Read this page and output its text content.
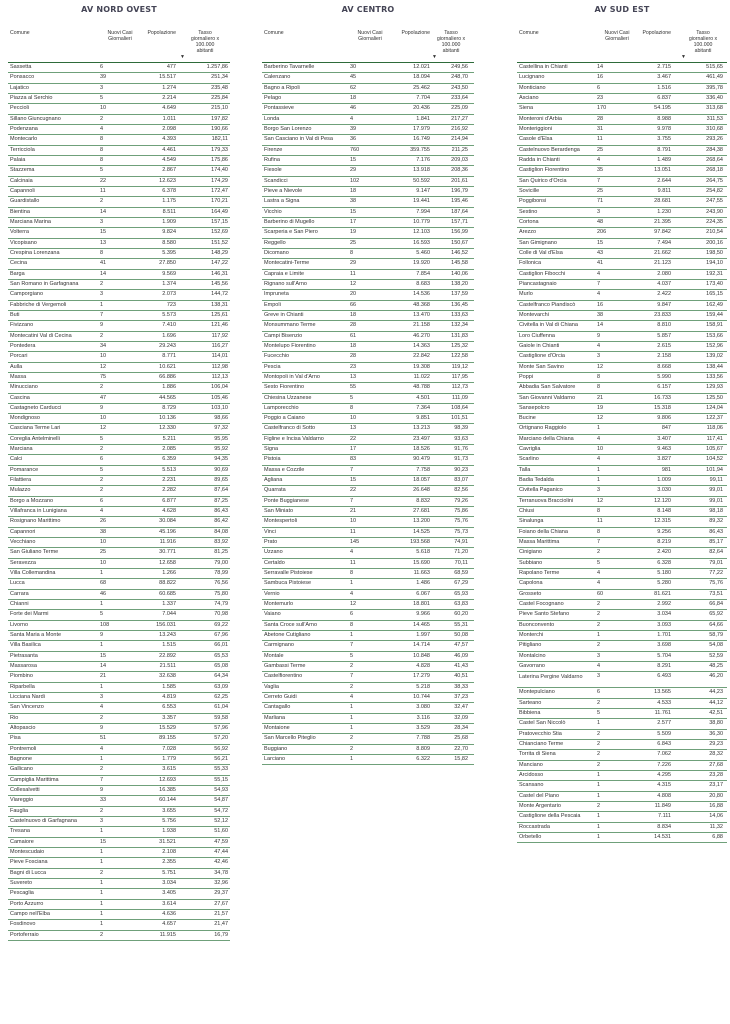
AV NORD OVEST
Comune	Nuovi Casi
Giornalieri
Popolazione	Tasso
giornaliero x
100.000
abitanti
▼
Sassetta	6	477	1.257,86
Ponsacco	39	15.517	251,34
Lajatico	3	1.274	235,48
Piazza al Serchio	5	2.214	225,84
Peccioli	10	4.649	215,10
Sillano Giuncugnano	2	1.011	197,82
Podenzana	4	2.098	190,66
Montecarlo	8	4.393	182,11
Terricciola	8	4.461	179,33
Palaia	8	4.549	175,86
Stazzema	5	2.867	174,40
Calcinaia	22	12.623	174,29
Capannoli	11	6.378	172,47
Guardistallo	2	1.175	170,21
Bientina	14	8.511	164,49
Marciana Marina	3	1.909	157,15
Volterra	15	9.824	152,69
Vicopisano	13	8.580	151,52
Crespina Lorenzana	8	5.395	148,29
Cecina	41	27.850	147,22
Barga	14	9.569	146,31
San Romano in Garfagnana	2	1.374	145,56
Camporgiano	3	2.073	144,72
Fabbriche di Vergemoli	1	723	138,31
Buti	7	5.573	125,61
Fivizzano	9	7.410	121,46
Montecatini Val di Cecina	2	1.696	117,92
Pontedera	34	29.243	116,27
Porcari	10	8.771	114,01
Aulla	12	10.621	112,98
Massa	75	66.886	112,13
Minucciano	2	1.886	106,04
Cascina	47	44.565	105,46
Castagneto Carducci	9	8.729	103,10
Mondignoso	10	10.136	98,66
Casciana Terme Lari	12	12.330	97,32
Coreglia Antelminelli	5	5.211	95,95
Marciana	2	2.085	95,92
Calci	6	6.359	94,35
Pomarance	5	5.513	90,69
Filattiera	2	2.231	89,65
Mulazzo	2	2.282	87,64
Borgo a Mozzano	6	6.877	87,25
Villafranca in Lunigiana	4	4.628	86,43
Rosignano Marittimo	26	30.084	86,42
Capannori	38	45.196	84,08
Vecchiano	10	11.916	83,92
San Giuliano Terme	25	30.771	81,25
Seravezza	10	12.658	79,00
Villa Collemandina	1	1.266	78,99
Lucca	68	88.822	76,56
Carrara	46	60.685	75,80
Chianni	1	1.337	74,79
Forte dei Marmi	5	7.044	70,98
Livorno	108	156.031	69,22
Santa Maria a Monte	9	13.243	67,96
Villa Basilica	1	1.515	66,01
Pietrasanta	15	22.892	65,53
Massarosa	14	21.511	65,08
Piombino	21	32.638	64,34
Riparbella	1	1.585	63,09
Licciana Nardi	3	4.819	62,25
San Vincenzo	4	6.553	61,04
Rio	2	3.357	59,58
Altopascio	9	15.529	57,96
Pisa	51	89.155	57,20
Pontremoli	4	7.028	56,92
Bagnone	1	1.779	56,21
Gallicano	2	3.615	55,33
Campiglia Marittima	7	12.693	55,15
Collesalvetti	9	16.385	54,93
Viareggio	33	60.144	54,87
Fauglia	2	3.655	54,72
Castelnuovo di Garfagnana	3	5.756	52,12
Tresana	1	1.938	51,60
Camaiore	15	31.521	47,59
Montescudaio	1	2.108	47,44
Pieve Fosciana	1	2.355	42,46
Bagni di Lucca	2	5.751	34,78
Suvereto	1	3.034	32,96
Pescaglia	1	3.405	29,37
Porto Azzurro	1	3.614	27,67
Campo nell'Elba	1	4.636	21,57
Fosdinovo	1	4.657	21,47
Portoferraio	2	11.915	16,79
AV CENTRO
Comune	Nuovi Casi
Giornalieri
Popolazione	Tasso
giornaliero x
100.000
abitanti
▼
Barberino Tavarnelle	30	12.021	249,56
Calenzano	45	18.094	248,70
Bagno a Ripoli	62	25.462	243,50
Pelago	18	7.704	233,64
Pontassieve	46	20.436	225,09
Londa	4	1.841	217,27
Borgo San Lorenzo	39	17.979	216,92
San Casciano in Val di Pesa	36	16.749	214,94
Firenze	760	359.755	211,25
Rufina	15	7.176	209,03
Fiesole	29	13.918	208,36
Scandicci	102	50.592	201,61
Pieve a Nievole	18	9.147	196,79
Lastra a Signa	38	19.441	195,46
Vicchio	15	7.994	187,64
Barberino di Mugello	17	10.779	157,71
Scarperia e San Piero	19	12.103	156,99
Reggello	25	16.593	150,67
Dicomano	8	5.460	146,52
Montecatini-Terme	29	19.920	145,58
Capraia e Limite	11	7.854	140,06
Rignano sull'Arno	12	8.683	138,20
Impruneta	20	14.536	137,59
Empoli	66	48.368	136,45
Greve in Chianti	18	13.470	133,63
Monsummano Terme	28	21.158	132,34
Campi Bisenzio	61	46.270	131,83
Montelupo Fiorentino	18	14.363	125,32
Fucecchio	28	22.842	122,58
Pescia	23	19.308	119,12
Montopoli in Val d'Arno	13	11.022	117,95
Sesto Fiorentino	55	48.788	112,73
Chiesina Uzzanese	5	4.501	111,09
Lamporecchio	8	7.364	108,64
Poggio a Caiano	10	9.851	101,51
Castelfranco di Sotto	13	13.213	98,39
Figline e Incisa Valdarno	22	23.497	93,63
Signa	17	18.526	91,76
Pistoia	83	90.479	91,73
Massa e Cozzile	7	7.758	90,23
Agliana	15	18.057	83,07
Quarrata	22	26.648	82,56
Ponte Buggianese	7	8.832	79,26
San Miniato	21	27.681	75,86
Montespertoli	10	13.200	75,76
Vinci	11	14.525	75,73
Prato	145	193.568	74,91
Uzzano	4	5.618	71,20
Certaldo	11	15.690	70,11
Serravalle Pistoiese	8	11.663	68,59
Sambuca Pistoiese	1	1.486	67,29
Vernio	4	6.067	65,93
Montemurlo	12	18.801	63,83
Vaiano	6	9.966	60,20
Santa Croce sull'Arno	8	14.465	55,31
Abetone Cutigliano	1	1.997	50,08
Carmignano	7	14.714	47,57
Montale	5	10.848	46,09
Gambassi Terme	2	4.828	41,43
Castelfiorentino	7	17.279	40,51
Vaglia	2	5.218	38,33
Cerreto Guidi	4	10.744	37,23
Cantagallo	1	3.080	32,47
Marliana	1	3.116	32,09
Montaione	1	3.529	28,34
San Marcello Piteglio	2	7.788	25,68
Buggiano	2	8.809	22,70
Larciano	1	6.322	15,82
AV SUD EST
Comune	Nuovi Casi
Giornalieri
Popolazione	Tasso
giornaliero x
100.000
abitanti
▼
Castellina in Chianti	14	2.715	515,65
Lucignano	16	3.467	461,49
Monticiano	6	1.516	395,78
Asciano	23	6.837	336,40
Siena	170	54.195	313,68
Monteroni d'Arbia	28	8.988	311,53
Monteriggioni	31	9.978	310,68
Casole d'Elsa	11	3.755	293,26
Castelnuovo Berardenga	25	8.791	284,38
Radda in Chianti	4	1.489	268,64
Castiglion Fiorentino	35	13.051	268,18
San Quirico d'Orcia	7	2.644	264,75
Sovicille	25	9.811	254,82
Poggibonsi	71	28.681	247,55
Sestino	3	1.230	243,90
Cortona	48	21.395	224,35
Arezzo	206	97.842	210,54
San Gimignano	15	7.494	200,16
Colle di Val d'Elsa	43	21.662	198,50
Follonica	41	21.123	194,10
Castiglion Fibocchi	4	2.080	192,31
Piancastagnaio	7	4.037	173,40
Murlo	4	2.422	165,15
Castelfranco Piandiscò	16	9.847	162,49
Montevarchi	38	23.833	159,44
Civitella in Val di Chiana	14	8.810	158,91
Loro Ciuffenna	9	5.857	153,66
Gaiole in Chianti	4	2.615	152,96
Castiglione d'Orcia	3	2.158	139,02
Monte San Savino	12	8.668	138,44
Poppi	8	5.990	133,56
Abbadia San Salvatore	8	6.157	129,93
San Giovanni Valdarno	21	16.733	125,50
Sansepolcro	19	15.318	124,04
Bucine	12	9.806	122,37
Ortignano Raggiolo	1	847	118,06
Marciano della Chiana	4	3.407	117,41
Cavriglia	10	9.463	105,67
Scarlino	4	3.827	104,52
Talla	1	981	101,94
Badia Tedalda	1	1.009	99,11
Civitella Paganico	3	3.030	99,01
Terranuova Bracciolini	12	12.120	99,01
Chiusi	8	8.148	98,18
Sinalunga	11	12.315	89,32
Foiano della Chiana	8	9.256	86,43
Massa Marittima	7	8.219	85,17
Cinigiano	2	2.420	82,64
Subbiano	5	6.328	79,01
Rapolano Terme	4	5.180	77,22
Capolona	4	5.280	75,76
Grosseto	60	81.621	73,51
Castel Focognano	2	2.992	66,84
Pieve Santo Stefano	2	3.034	65,92
Buonconvento	2	3.093	64,66
Monterchi	1	1.701	58,79
Pitigliano	2	3.698	54,08
Montalcino	3	5.704	52,59
Gavorrano	4	8.291	48,25
Laterina Pergine Valdarno	3	6.493	46,20
Montepulciano	6	13.565	44,23
Sarteano	2	4.533	44,12
Bibbiena	5	11.761	42,51
Castel San Niccolò	1	2.577	38,80
Pratovecchio Stia	2	5.509	36,30
Chianciano Terme	2	6.843	29,23
Torrita di Siena	2	7.062	28,32
Manciano	2	7.226	27,68
Arcidosso	1	4.295	23,28
Scansano	1	4.315	23,17
Castel del Piano	1	4.808	20,80
Monte Argentario	2	11.849	16,88
Castiglione della Pescaia	1	7.111	14,06
Roccastrada	1	8.834	11,32
Orbetello	1	14.531	6,88
